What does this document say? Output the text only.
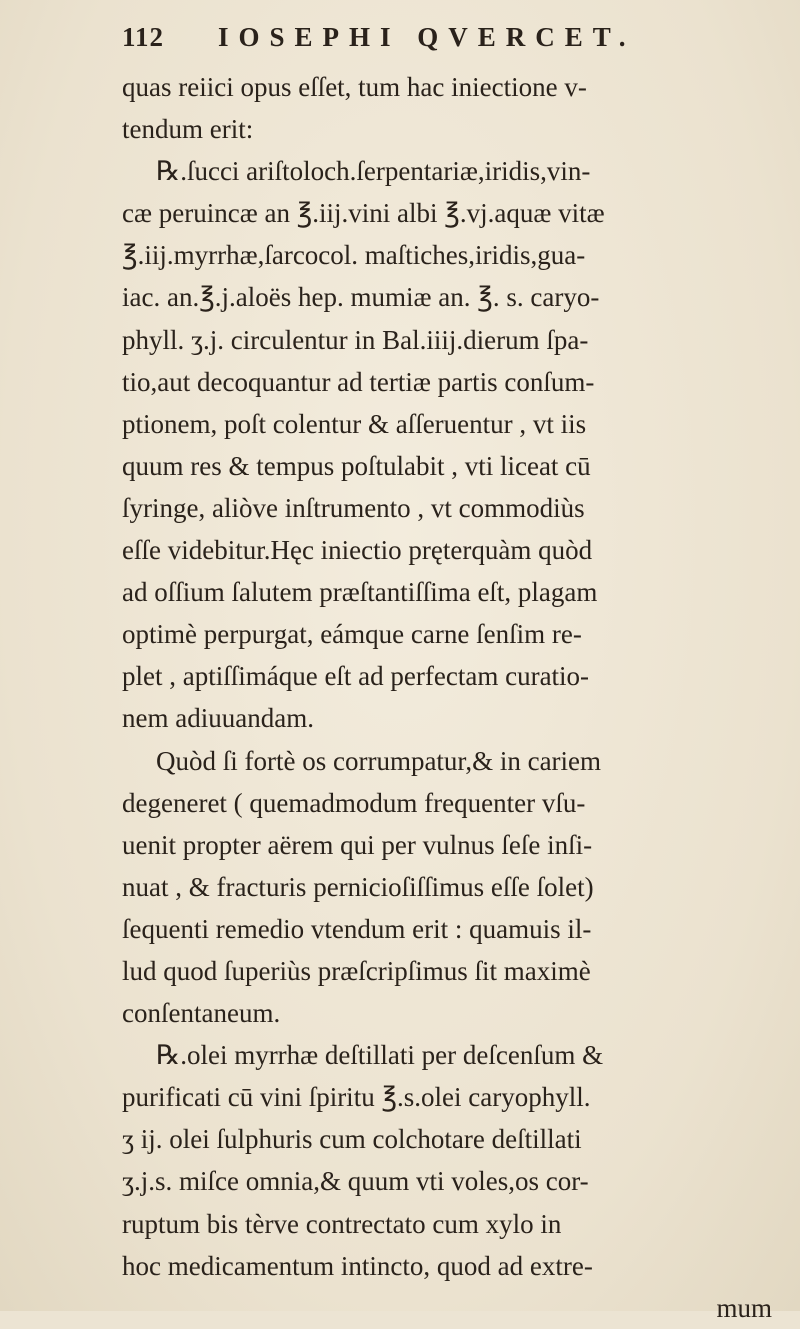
112	IOSEPHI QVERCET.
quas reiici opus eſſet, tum hac iniectione v-
tendum erit:
℞.ſucci ariſtoloch.ſerpentariæ,iridis,vin-
cæ peruincæ an ℥.iij.vini albi ℥.vj.aquæ vitæ
℥.iij.myrrhæ,ſarcocol. maſtiches,iridis,gua-
iac. an.℥.j.aloës hep. mumiæ an. ℥. s. caryo-
phyll. ʒ.j. circulentur in Bal.iiij.dierum ſpa-
tio,aut decoquantur ad tertiæ partis conſum-
ptionem, poſt colentur & aſſeruentur , vt iis
quum res & tempus poſtulabit , vti liceat cū
ſyringe, aliòve inſtrumento , vt commodiùs
eſſe videbitur.Hęc iniectio pręterquàm quòd
ad oſſium ſalutem præſtantiſſima eſt, plagam
optimè perpurgat, eámque carne ſenſim re-
plet , aptiſſimáque eſt ad perfectam curatio-
nem adiuuandam.
Quòd ſi fortè os corrumpatur,& in cariem
degeneret ( quemadmodum frequenter vſu-
uenit propter aërem qui per vulnus ſeſe inſi-
nuat , & fracturis pernicioſiſſimus eſſe ſolet)
ſequenti remedio vtendum erit : quamuis il-
lud quod ſuperiùs præſcripſimus ſit maximè
conſentaneum.
℞.olei myrrhæ deſtillati per deſcenſum &
purificati cū vini ſpiritu ℥.s.olei caryophyll.
ʒ ij. olei ſulphuris cum colchotare deſtillati
ʒ.j.s. miſce omnia,& quum vti voles,os cor-
ruptum bis tèrve contrectato cum xylo in
hoc medicamentum intincto, quod ad extre-
mum
